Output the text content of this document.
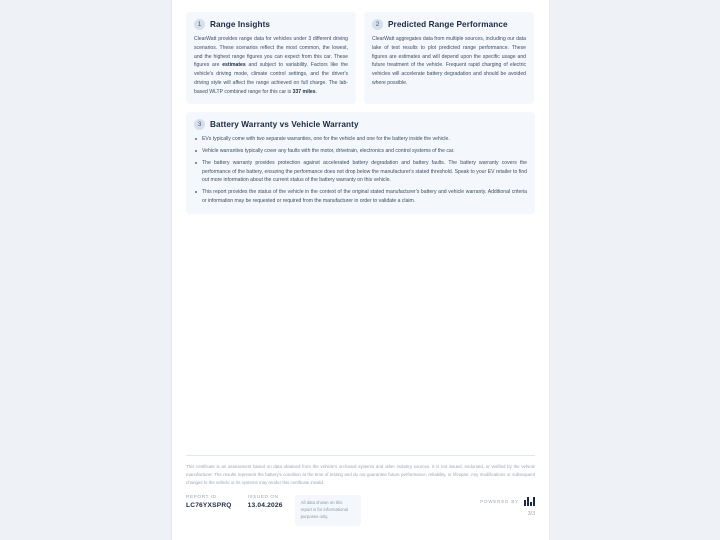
1	Range Insights
ClearWatt provides range data for vehicles under 3 different driving scenarios. These scenarios reflect the most common, the lowest, and the highest range figures you can expect from this car. These figures are estimates and subject to variability. Factors like the vehicle's driving mode, climate control settings, and the driver's driving style will affect the range achieved on full charge. The lab-based WLTP combined range for this car is 337 miles.
2	Predicted Range Performance
ClearWatt aggregates data from multiple sources, including our data lake of test results to plot predicted range performance. These figures are estimates and will depend upon the specific usage and future treatment of the vehicle. Frequent rapid charging of electric vehicles will accelerate battery degradation and should be avoided where possible.
3	Battery Warranty vs Vehicle Warranty
EVs typically come with two separate warranties, one for the vehicle and one for the battery inside the vehicle.
Vehicle warranties typically cover any faults with the motor, drivetrain, electronics and control systems of the car.
The battery warranty provides protection against accelerated battery degradation and battery faults. The battery warranty covers the performance of the battery, ensuring the performance does not drop below the manufacturer's stated threshold. Speak to your EV retailer to find out more information about the current status of the battery warranty on this vehicle.
This report provides the status of the vehicle in the context of the original stated manufacturer's battery and vehicle warranty. Additional criteria or information may be requested or required from the manufacturer in order to validate a claim.
This certificate is an assessment based on data obtained from the vehicle's on-board systems and other industry sources. It is not issued, endorsed, or verified by the vehicle manufacturer. The results represent the battery's condition at the time of testing and do not guarantee future performance, reliability, or lifespan. Any modifications or subsequent changes to the vehicle or its systems may render this certificate invalid.
REPORT ID
LC76YXSPRQ
ISSUED ON
13.04.2026	All data shown on this report is for informational purposes only.
POWERED BY
3/3
